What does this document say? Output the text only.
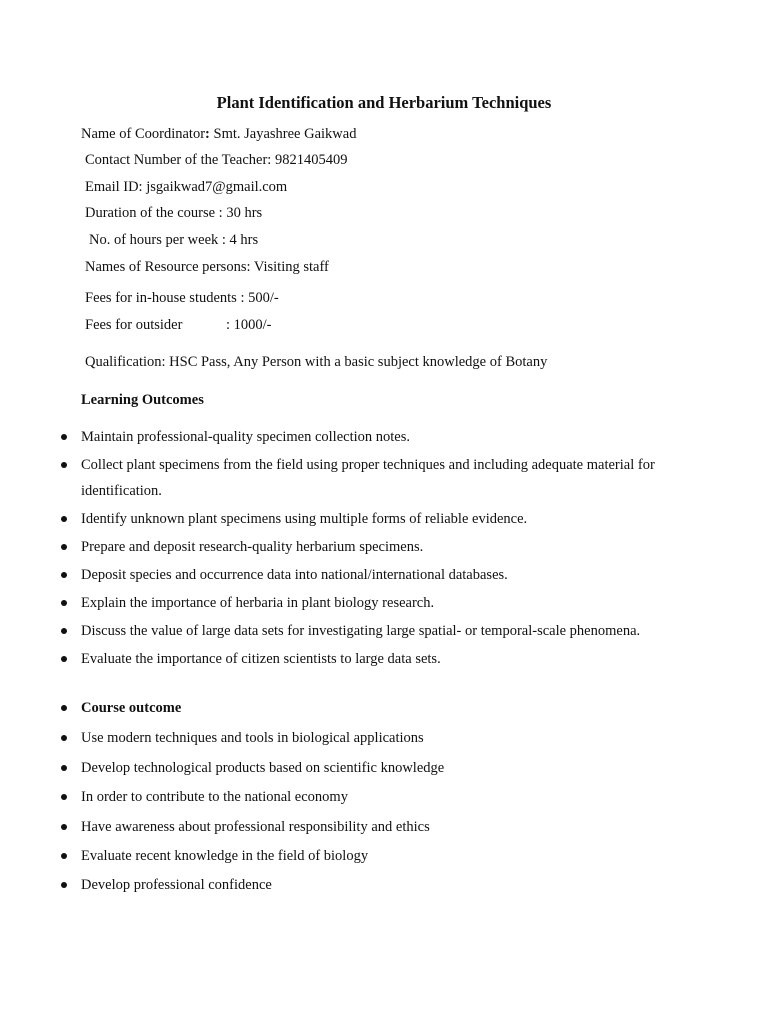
Plant Identification and Herbarium Techniques
Name of Coordinator: Smt. Jayashree Gaikwad
Contact Number of the Teacher: 9821405409
Email ID: jsgaikwad7@gmail.com
Duration of the course : 30 hrs
No. of hours per week : 4 hrs
Names of Resource persons: Visiting staff
Fees for in-house students : 500/-
Fees for outsider	: 1000/-
Qualification: HSC Pass, Any Person with a basic subject knowledge of Botany
Learning Outcomes
Maintain professional-quality specimen collection notes.
Collect plant specimens from the field using proper techniques and including adequate material for
identification.
Identify unknown plant specimens using multiple forms of reliable evidence.
Prepare and deposit research-quality herbarium specimens.
Deposit species and occurrence data into national/international databases.
Explain the importance of herbaria in plant biology research.
Discuss the value of large data sets for investigating large spatial- or temporal-scale phenomena.
Evaluate the importance of citizen scientists to large data sets.
Course outcome
Use modern techniques and tools in biological applications
Develop technological products based on scientific knowledge
In order to contribute to the national economy
Have awareness about professional responsibility and ethics
Evaluate recent knowledge in the field of biology
Develop professional confidence
